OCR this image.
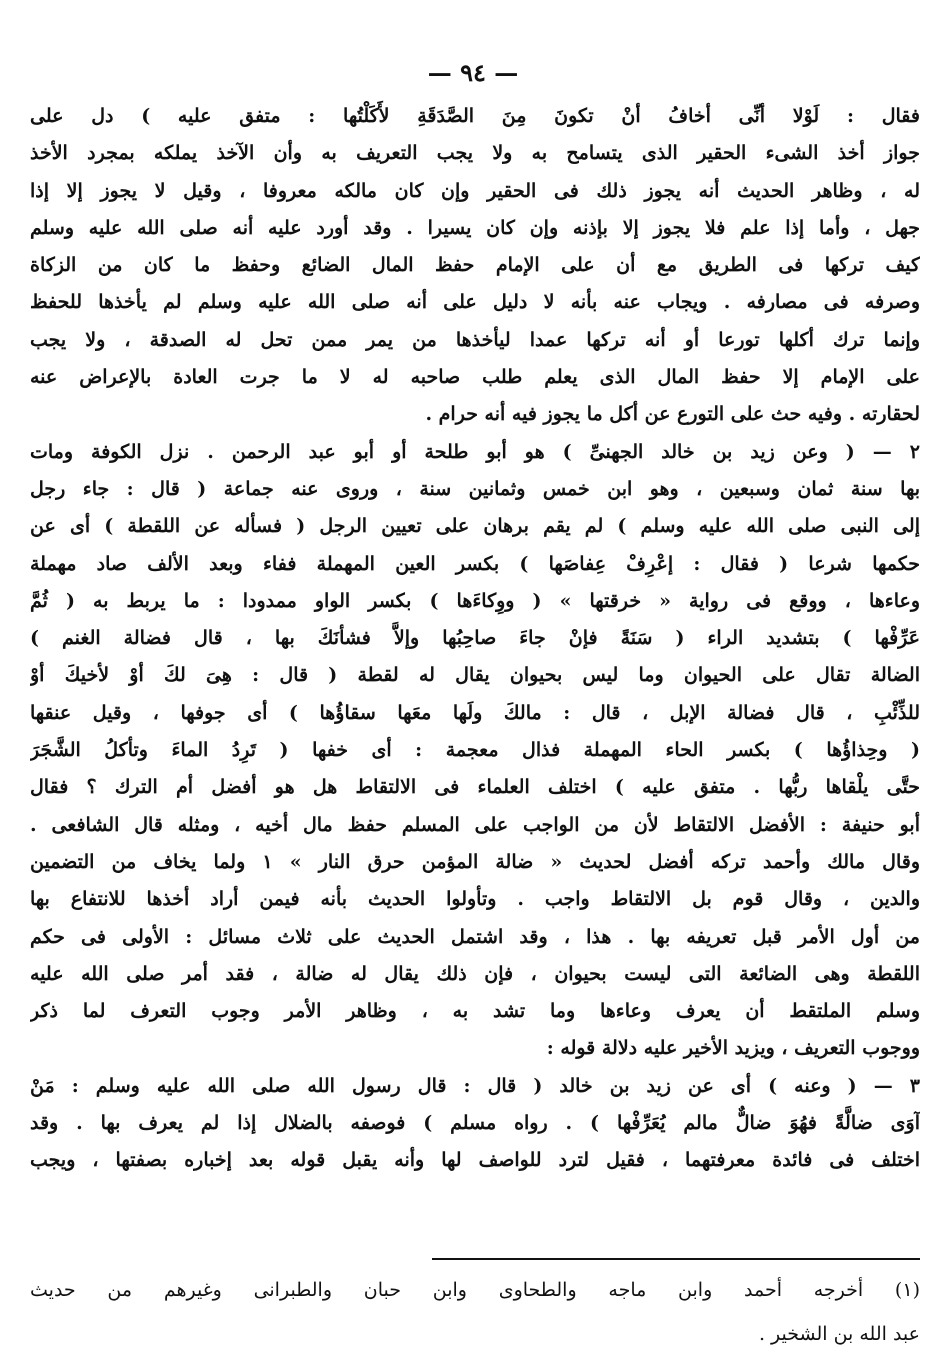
— ٩٤ —
فقال : لَوْلا أنِّى أخافُ أنْ تكونَ مِنَ الصَّدَقَةِ لأَكَلْتُها : متفق عليه ) دل على
جواز أخذ الشىء الحقير الذى يتسامح به ولا يجب التعريف به وأن الآخذ يملكه بمجرد الأخذ
له ، وظاهر الحديث أنه يجوز ذلك فى الحقير وإن كان مالكه معروفا ، وقيل لا يجوز إلا إذا
جهل ، وأما إذا علم فلا يجوز إلا بإذنه وإن كان يسيرا . وقد أورد عليه أنه صلى الله عليه وسلم
كيف تركها فى الطريق مع أن على الإمام حفظ المال الضائع وحفظ ما كان من الزكاة
وصرفه فى مصارفه . ويجاب عنه بأنه لا دليل على أنه صلى الله عليه وسلم لم يأخذها للحفظ
وإنما ترك أكلها تورعا أو أنه تركها عمدا ليأخذها من يمر ممن تحل له الصدقة ، ولا يجب
على الإمام إلا حفظ المال الذى يعلم طلب صاحبه له لا ما جرت العادة بالإعراض عنه
لحقارته . وفيه حث على التورع عن أكل ما يجوز فيه أنه حرام .
٢ — ( وعن زيد بن خالد الجهنىِّ ) هو أبو طلحة أو أبو عبد الرحمن . نزل الكوفة ومات
بها سنة ثمان وسبعين ، وهو ابن خمس وثمانين سنة ، وروى عنه جماعة ( قال : جاء رجل
إلى النبى صلى الله عليه وسلم ) لم يقم برهان على تعيين الرجل ( فسأله عن اللقطة ) أى عن
حكمها شرعا ( فقال : إعْرِفْ عِفاصَها ) بكسر العين المهملة ففاء وبعد الألف صاد مهملة
وعاءها ، ووقع فى رواية « خرقتها » ( ووِكاءَها ) بكسر الواو ممدودا : ما يربط به ( ثُمَّ
عَرِّفْها ) بتشديد الراء ( سَنَةً فإنْ جاءَ صاحِبُها وإلاَّ فشأنَكَ بها ، قال فضالة الغنم )
الضالة تقال على الحيوان وما ليس بحيوان يقال له لقطة ( قال : هِىَ لكَ أوْ لأخيكَ أوْ
للذِّئْبِ ، قال فضالة الإبل ، قال : مالكَ ولَها معَها سقاؤُها ) أى جوفها ، وقيل عنقها
( وحِذاؤُها ) بكسر الحاء المهملة فذال معجمة : أى خفها ( تَرِدُ الماءَ وتأكلُ الشَّجَرَ
حتَّى يلْقاها ربُّها . متفق عليه ) اختلف العلماء فى الالتقاط هل هو أفضل أم الترك ؟ فقال
أبو حنيفة : الأفضل الالتقاط لأن من الواجب على المسلم حفظ مال أخيه ، ومثله قال الشافعى .
وقال مالك وأحمد تركه أفضل لحديث « ضالة المؤمن حرق النار » ١ ولما يخاف من التضمين
والدين ، وقال قوم بل الالتقاط واجب . وتأولوا الحديث بأنه فيمن أراد أخذها للانتفاع بها
من أول الأمر قبل تعريفه بها . هذا ، وقد اشتمل الحديث على ثلاث مسائل : الأولى فى حكم
اللقطة وهى الضائعة التى ليست بحيوان ، فإن ذلك يقال له ضالة ، فقد أمر صلى الله عليه
وسلم الملتقط أن يعرف وعاءها وما تشد به ، وظاهر الأمر وجوب التعرف لما ذكر
ووجوب التعريف ، ويزيد الأخير عليه دلالة قوله :
٣ — ( وعنه ) أى عن زيد بن خالد ( قال : قال رسول الله صلى الله عليه وسلم : مَنْ
آوَى ضالَّةً فهُوَ ضالٌّ مالم يُعَرِّفْها ) . رواه مسلم ) فوصفه بالضلال إذا لم يعرف بها . وقد
اختلف فى فائدة معرفتهما ، فقيل لترد للواصف لها وأنه يقبل قوله بعد إخباره بصفتها ، ويجب
(١) أخرجه أحمد وابن ماجه والطحاوى وابن حبان والطبرانى وغيرهم من حديث
عبد الله بن الشخير .
